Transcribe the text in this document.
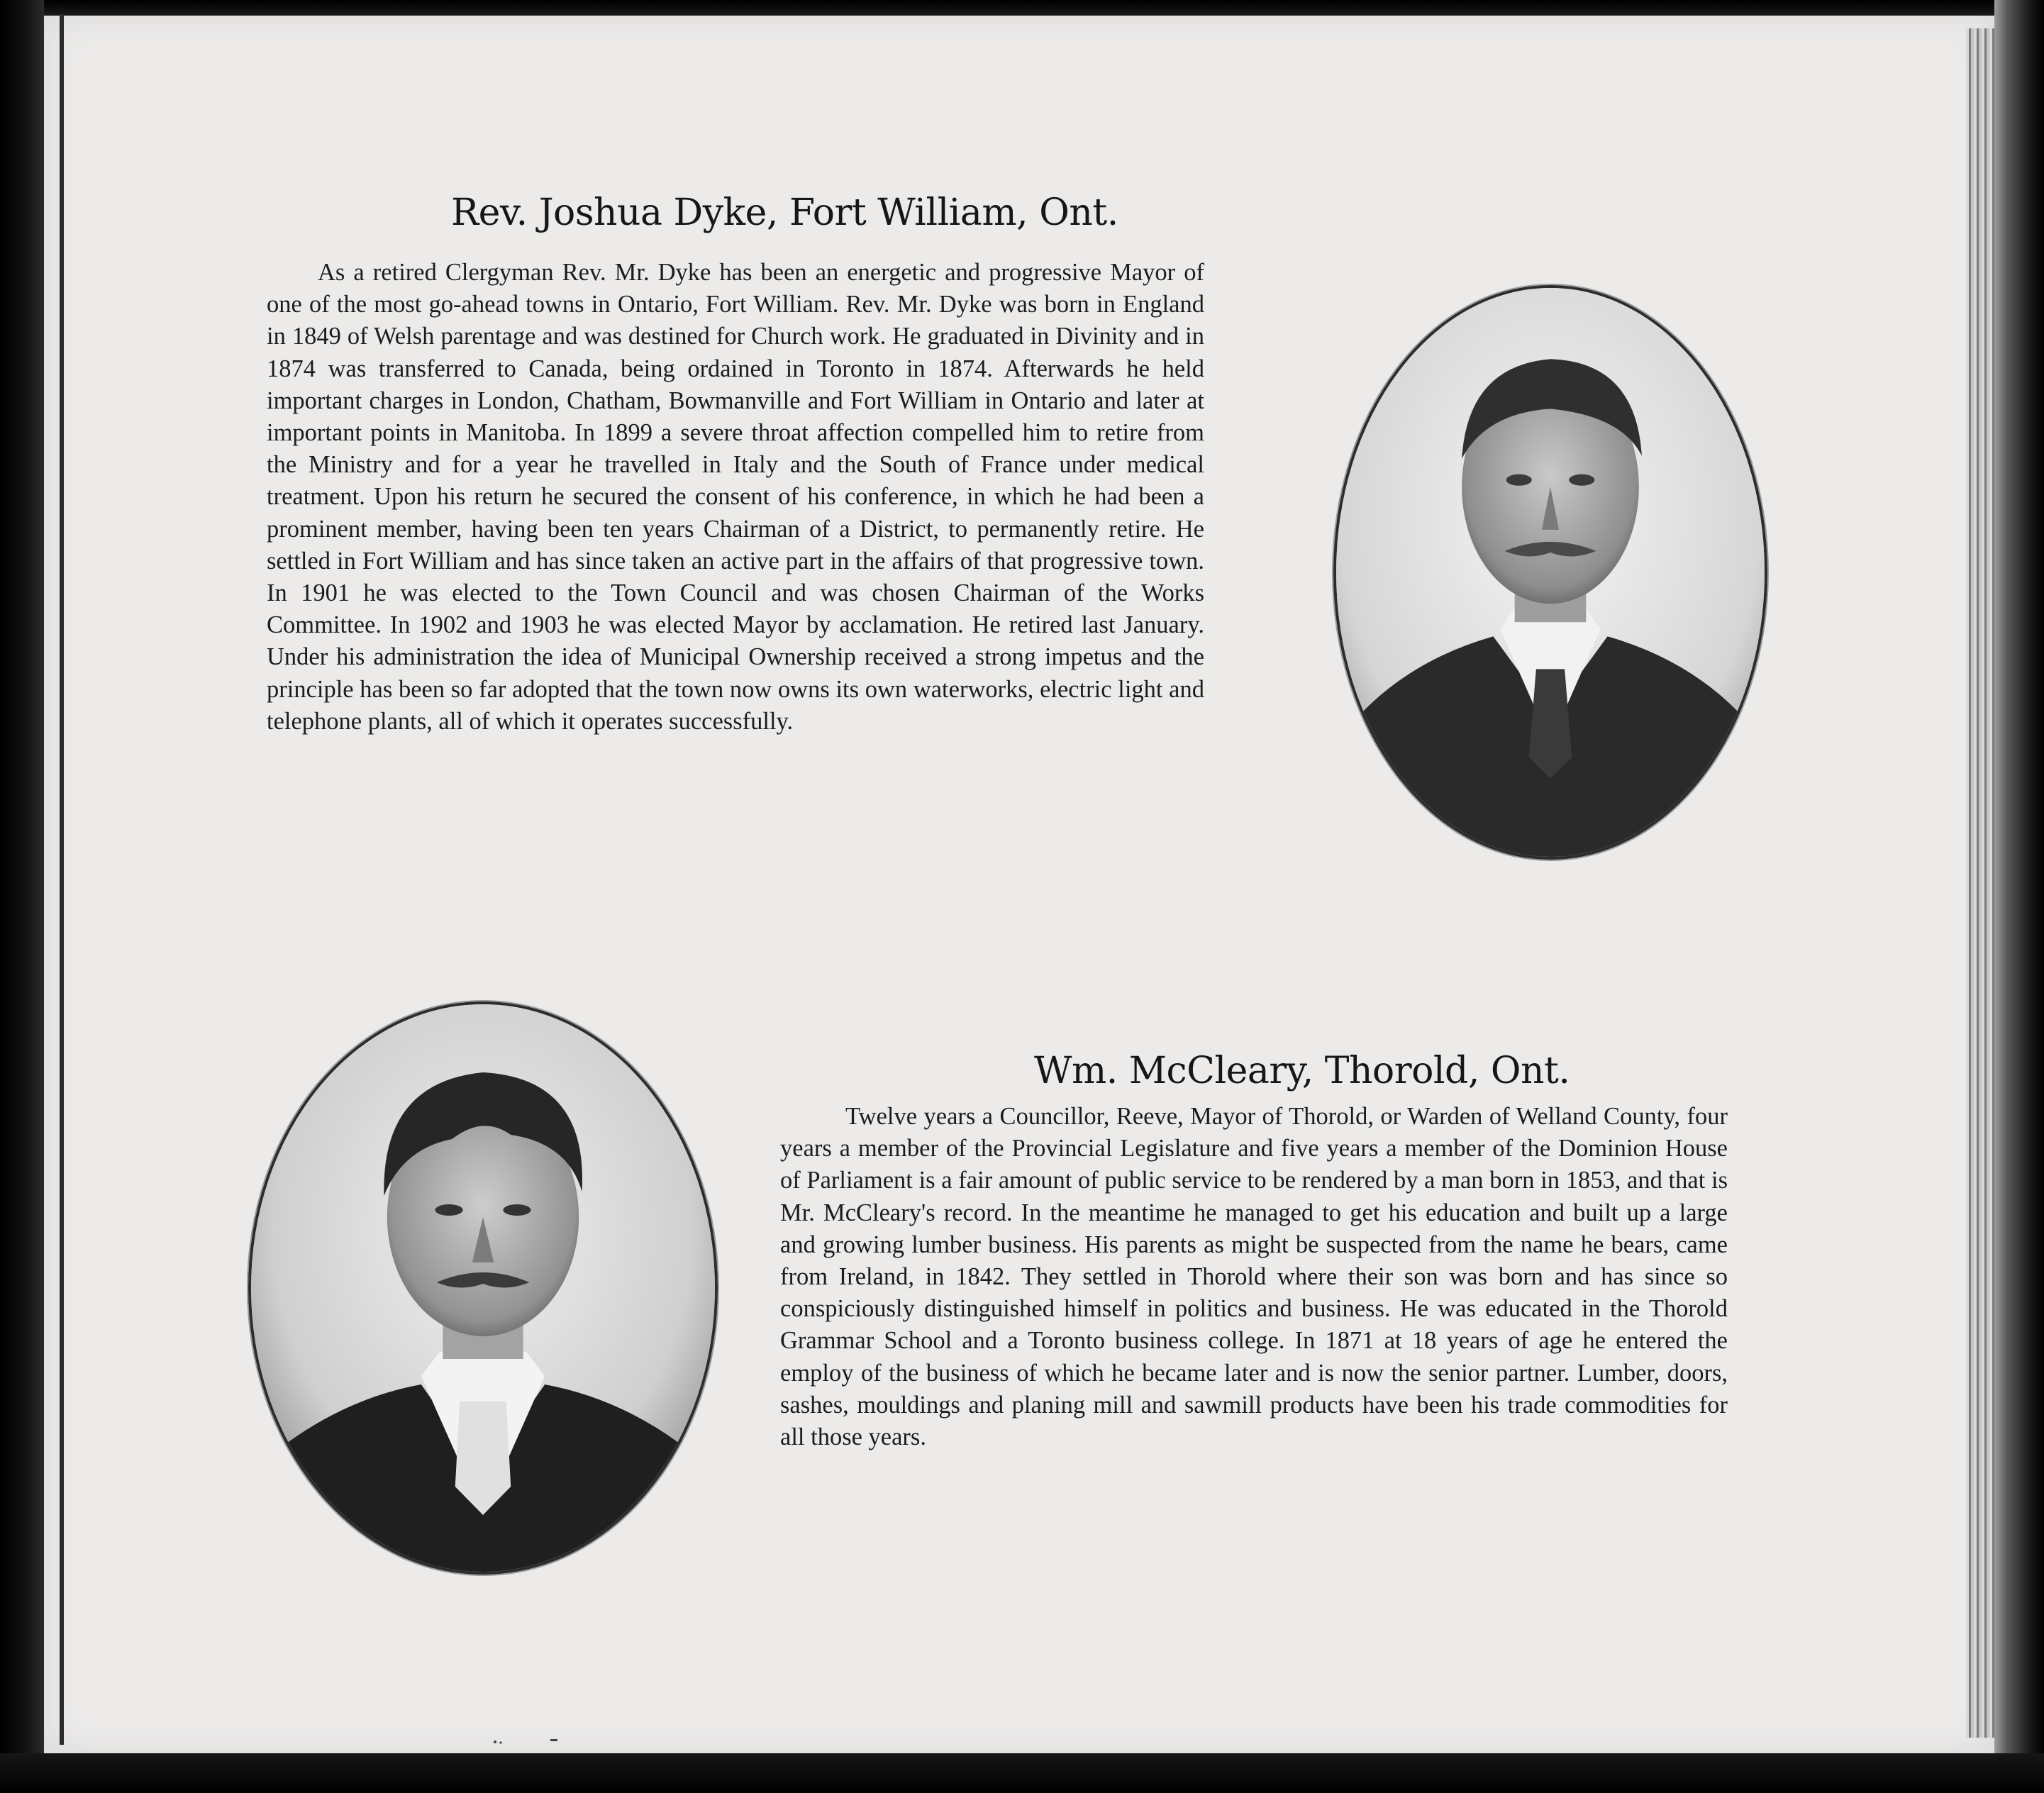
Rev. Joshua Dyke, Fort William, Ont.

As a retired Clergyman Rev. Mr. Dyke has been an energetic and progressive Mayor of one of the most go-ahead towns in Ontario, Fort William. Rev. Mr. Dyke was born in England in 1849 of Welsh parentage and was destined for Church work. He graduated in Divinity and in 1874 was transferred to Canada, being ordained in Toronto in 1874. Afterwards he held important charges in London, Chatham, Bowmanville and Fort William in Ontario and later at important points in Manitoba. In 1899 a severe throat affection compelled him to retire from the Ministry and for a year he travelled in Italy and the South of France under medical treatment. Upon his return he secured the consent of his conference, in which he had been a prominent member, having been ten years Chairman of a District, to permanently retire. He settled in Fort William and has since taken an active part in the affairs of that progressive town. In 1901 he was elected to the Town Council and was chosen Chairman of the Works Committee. In 1902 and 1903 he was elected Mayor by acclamation. He retired last January. Under his administration the idea of Municipal Ownership received a strong impetus and the principle has been so far adopted that the town now owns its own waterworks, electric light and telephone plants, all of which it operates successfully.

Wm. McCleary, Thorold, Ont.

Twelve years a Councillor, Reeve, Mayor of Thorold, or Warden of Welland County, four years a member of the Provincial Legislature and five years a member of the Dominion House of Parliament is a fair amount of public service to be rendered by a man born in 1853, and that is Mr. McCleary's record. In the meantime he managed to get his education and built up a large and growing lumber business. His parents as might be suspected from the name he bears, came from Ireland, in 1842. They settled in Thorold where their son was born and has since so conspiciously distinguished himself in politics and business. He was educated in the Thorold Grammar School and a Toronto business college. In 1871 at 18 years of age he entered the employ of the business of which he became later and is now the senior partner. Lumber, doors, sashes, mouldings and planing mill and sawmill products have been his trade commodities for all those years.
